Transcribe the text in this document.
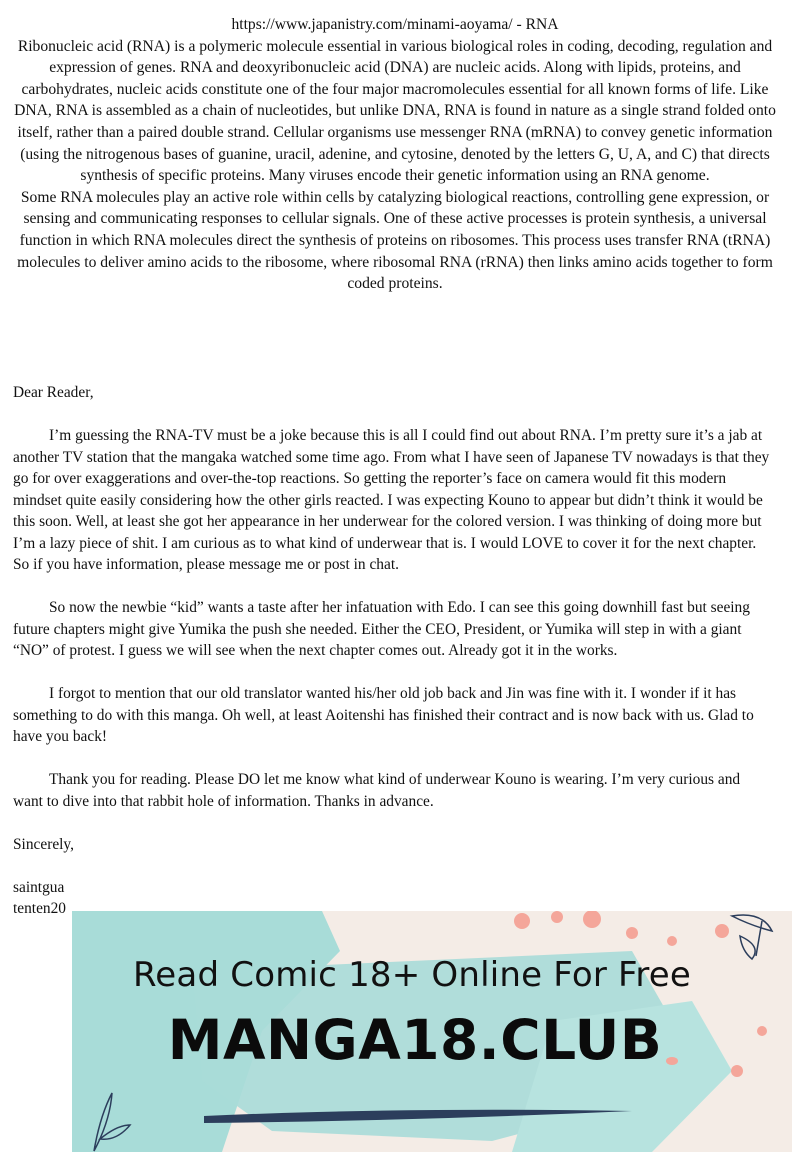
https://www.japanistry.com/minami-aoyama/ - RNA

Ribonucleic acid (RNA) is a polymeric molecule essential in various biological roles in coding, decoding, regulation and expression of genes. RNA and deoxyribonucleic acid (DNA) are nucleic acids. Along with lipids, proteins, and carbohydrates, nucleic acids constitute one of the four major macromolecules essential for all known forms of life. Like DNA, RNA is assembled as a chain of nucleotides, but unlike DNA, RNA is found in nature as a single strand folded onto itself, rather than a paired double strand. Cellular organisms use messenger RNA (mRNA) to convey genetic information (using the nitrogenous bases of guanine, uracil, adenine, and cytosine, denoted by the letters G, U, A, and C) that directs synthesis of specific proteins. Many viruses encode their genetic information using an RNA genome.

Some RNA molecules play an active role within cells by catalyzing biological reactions, controlling gene expression, or sensing and communicating responses to cellular signals. One of these active processes is protein synthesis, a universal function in which RNA molecules direct the synthesis of proteins on ribosomes. This process uses transfer RNA (tRNA) molecules to deliver amino acids to the ribosome, where ribosomal RNA (rRNA) then links amino acids together to form coded proteins.

Dear Reader,

I’m guessing the RNA-TV must be a joke because this is all I could find out about RNA. I’m pretty sure it’s a jab at another TV station that the mangaka watched some time ago. From what I have seen of Japanese TV nowadays is that they go for over exaggerations and over-the-top reactions. So getting the reporter’s face on camera would fit this modern mindset quite easily considering how the other girls reacted. I was expecting Kouno to appear but didn’t think it would be this soon. Well, at least she got her appearance in her underwear for the colored version. I was thinking of doing more but I’m a lazy piece of shit. I am curious as to what kind of underwear that is. I would LOVE to cover it for the next chapter. So if you have information, please message me or post in chat.

So now the newbie “kid” wants a taste after her infatuation with Edo. I can see this going downhill fast but seeing future chapters might give Yumika the push she needed. Either the CEO, President, or Yumika will step in with a giant “NO” of protest. I guess we will see when the next chapter comes out. Already got it in the works.

I forgot to mention that our old translator wanted his/her old job back and Jin was fine with it. I wonder if it has something to do with this manga. Oh well, at least Aoitenshi has finished their contract and is now back with us. Glad to have you back!

Thank you for reading. Please DO let me know what kind of underwear Kouno is wearing. I’m very curious and want to dive into that rabbit hole of information. Thanks in advance.

Sincerely,

saintgua

tenten20

Read Comic 18+ Online For Free
MANGA18.CLUB
